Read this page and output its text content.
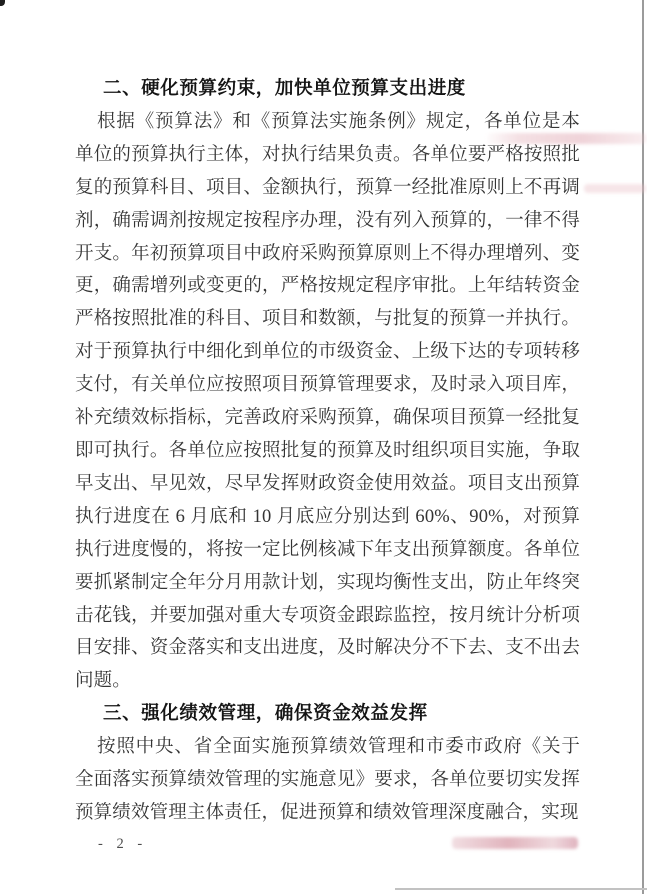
二、硬化预算约束，加快单位预算支出进度

根据《预算法》和《预算法实施条例》规定，各单位是本单位的预算执行主体，对执行结果负责。各单位要严格按照批复的预算科目、项目、金额执行，预算一经批准原则上不再调剂，确需调剂按规定按程序办理，没有列入预算的，一律不得开支。年初预算项目中政府采购预算原则上不得办理增列、变更，确需增列或变更的，严格按规定程序审批。上年结转资金严格按照批准的科目、项目和数额，与批复的预算一并执行。对于预算执行中细化到单位的市级资金、上级下达的专项转移支付，有关单位应按照项目预算管理要求，及时录入项目库，补充绩效标指标，完善政府采购预算，确保项目预算一经批复即可执行。各单位应按照批复的预算及时组织项目实施，争取早支出、早见效，尽早发挥财政资金使用效益。项目支出预算执行进度在 6 月底和 10 月底应分别达到 60%、90%，对预算执行进度慢的，将按一定比例核减下年支出预算额度。各单位要抓紧制定全年分月用款计划，实现均衡性支出，防止年终突击花钱，并要加强对重大专项资金跟踪监控，按月统计分析项目安排、资金落实和支出进度，及时解决分不下去、支不出去问题。

三、强化绩效管理，确保资金效益发挥

按照中央、省全面实施预算绩效管理和市委市政府《关于全面落实预算绩效管理的实施意见》要求，各单位要切实发挥预算绩效管理主体责任，促进预算和绩效管理深度融合，实现

- 2 -
